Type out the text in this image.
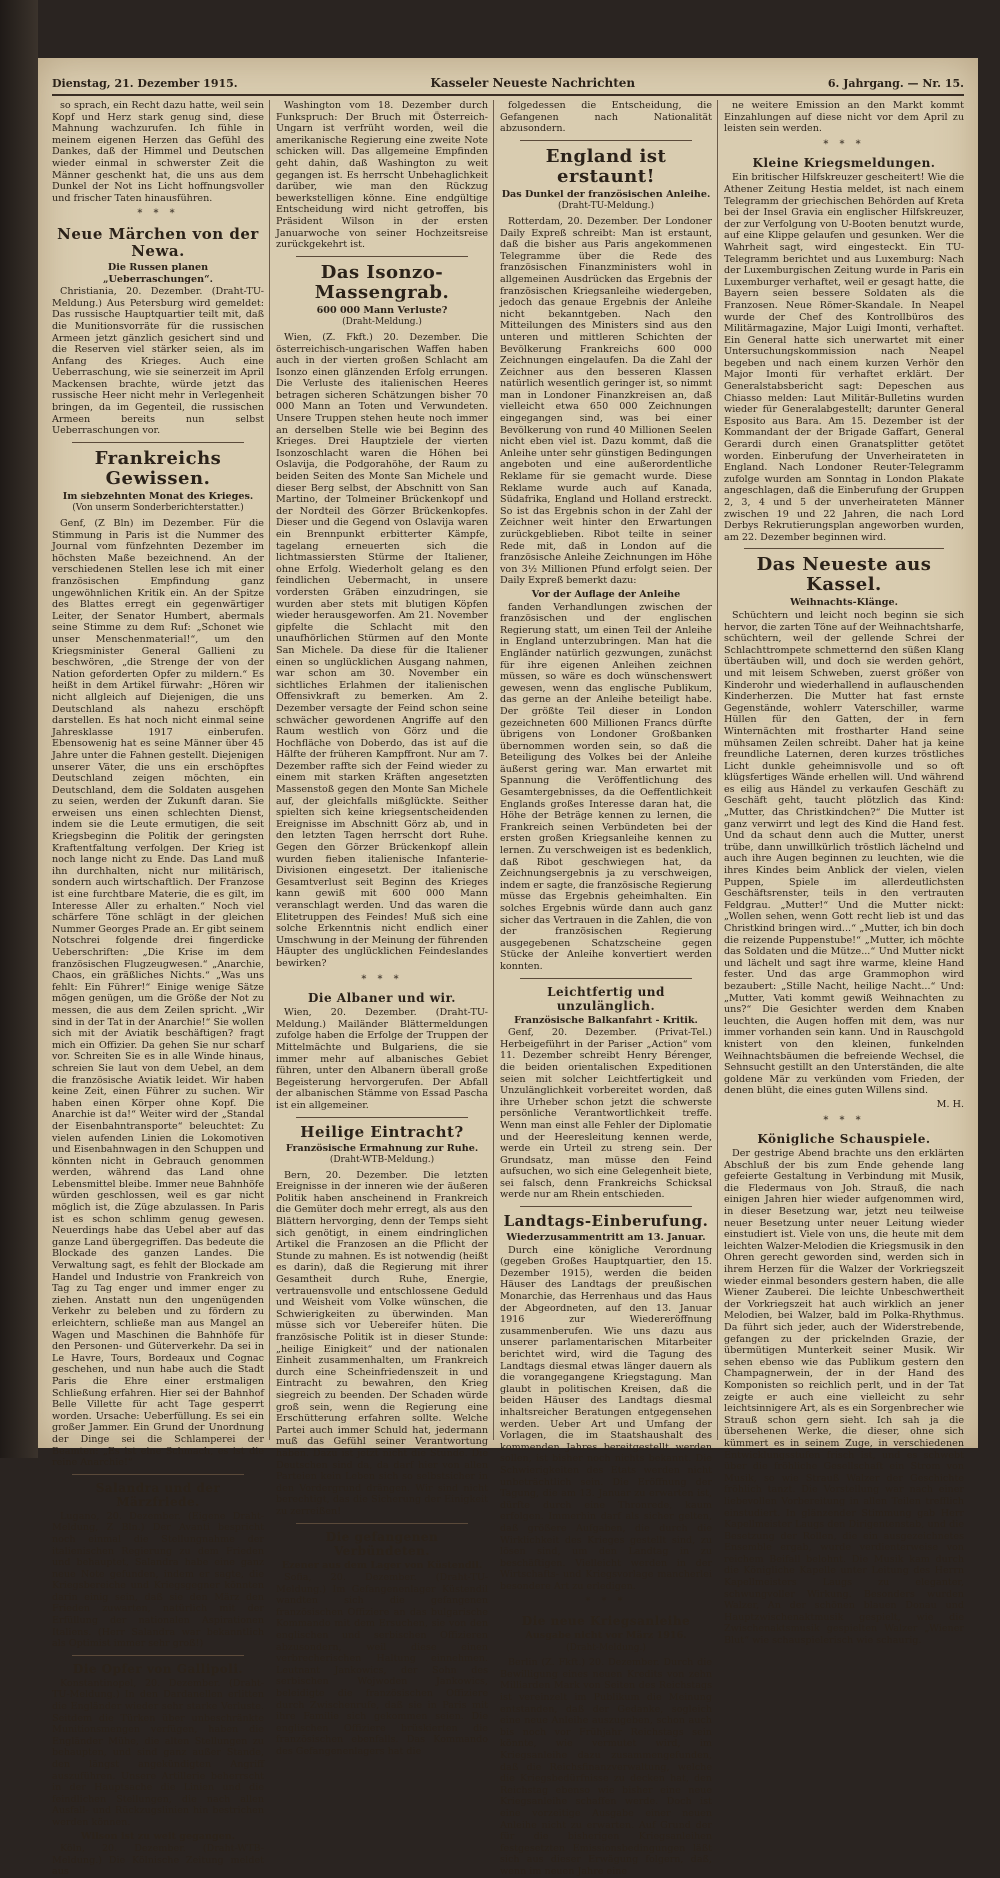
Dienstag, 21. Dezember 1915.	Kasseler Neueste Nachrichten	6. Jahrgang. — Nr. 15.

so sprach, ein Recht dazu hatte, weil sein Kopf und Herz stark genug sind, diese Mahnung wachzurufen. Ich fühle in meinem eigenen Herzen das Gefühl des Dankes, daß der Himmel und Deutschen wieder einmal in schwerster Zeit die Männer geschenkt hat, die uns aus dem Dunkel der Not ins Licht hoffnungsvoller und frischer Taten hinausführen.

* * *
Neue Märchen von der Newa.
Die Russen planen „Ueberraschungen“.

Christiania, 20. Dezember. (Draht-TU-Meldung.) Aus Petersburg wird gemeldet: Das russische Hauptquartier teilt mit, daß die Munitionsvorräte für die russischen Armeen jetzt gänzlich gesichert sind und die Reserven viel stärker seien, als im Anfang des Krieges. Auch eine Ueberraschung, wie sie seinerzeit im April Mackensen brachte, würde jetzt das russische Heer nicht mehr in Verlegenheit bringen, da im Gegenteil, die russischen Armeen bereits nun selbst Ueberraschungen vor.

Frankreichs Gewissen.
Im siebzehnten Monat des Krieges.
(Von unserm Sonderberichterstatter.)

Genf, (Z Bln) im Dezember. Für die Stimmung in Paris ist die Nummer des Journal vom fünfzehnten Dezember im höchsten Maße bezeichnend. An der verschiedenen Stellen lese ich mit einer französischen Empfindung ganz ungewöhnlichen Kritik ein. An der Spitze des Blattes erregt ein gegenwärtiger Leiter, der Senator Humbert, abermals seine Stimme zu dem Ruf: „Schonet wie unser Menschenmaterial!“, um den Kriegsminister General Gallieni zu beschwören, „die Strenge der von der Nation geforderten Opfer zu mildern.“ Es heißt in dem Artikel fürwahr: „Hören wir nicht allgleich auf Diejenigen, die uns Deutschland als nahezu erschöpft darstellen. Es hat noch nicht einmal seine Jahresklasse 1917 einberufen. Ebensowenig hat es seine Männer über 45 Jahre unter die Fahnen gestellt. Diejenigen unserer Väter, die uns ein erschöpftes Deutschland zeigen möchten, ein Deutschland, dem die Soldaten ausgehen zu seien, werden der Zukunft daran. Sie erweisen uns einen schlechten Dienst, indem sie die Leute ermutigen, die seit Kriegsbeginn die Politik der geringsten Kraftentfaltung verfolgen. Der Krieg ist noch lange nicht zu Ende. Das Land muß ihn durchhalten, nicht nur militärisch, sondern auch wirtschaftlich. Der Franzose ist eine furchtbare Materie, die es gilt, im Interesse Aller zu erhalten.“ Noch viel schärfere Töne schlägt in der gleichen Nummer Georges Prade an. Er gibt seinem Notschrei folgende drei fingerdicke Ueberschriften: „Die Krise im dem französischen Flugzeugwesen.“ „Anarchie, Chaos, ein gräßliches Nichts.“ „Was uns fehlt: Ein Führer!“ Einige wenige Sätze mögen genügen, um die Größe der Not zu messen, die aus dem Zeilen spricht. „Wir sind in der Tat in der Anarchie!“ Sie wollen sich mit der Aviatik beschäftigen? fragt mich ein Offizier. Da gehen Sie nur scharf vor. Schreiten Sie es in alle Winde hinaus, schreien Sie laut von dem Uebel, an dem die französische Aviatik leidet. Wir haben keine Zeit, einen Führer zu suchen. Wir haben einen Körper ohne Kopf. Die Anarchie ist da!“ Weiter wird der „Standal der Eisenbahntransporte“ beleuchtet: Zu vielen aufenden Linien die Lokomotiven und Eisenbahnwagen in den Schuppen und könnten nicht in Gebrauch genommen werden, während das Land ohne Lebensmittel bleibe. Immer neue Bahnhöfe würden geschlossen, weil es gar nicht möglich ist, die Züge abzulassen. In Paris ist es schon schlimm genug gewesen. Neuerdings habe das Uebel aber auf das ganze Land übergegriffen. Das bedeute die Blockade des ganzen Landes. Die Verwaltung sagt, es fehlt der Blockade am Handel und Industrie von Frankreich von Tag zu Tag enger und immer enger zu ziehen. Anstatt nun den ungenügenden Verkehr zu beleben und zu fördern zu erleichtern, schließe man aus Mangel an Wagen und Maschinen die Bahnhöfe für den Personen- und Güterverkehr. Da sei in Le Havre, Tours, Bordeaux und Cognac geschehen, und nun habe auch die Stadt Paris die Ehre einer erstmaligen Schließung erfahren. Hier sei der Bahnhof Belle Villette für acht Tage gesperrt worden. Ursache: Ueberfüllung. Es sei ein großer Jammer. Ein Grund der Unordnung der Dinge sei die Schlamperei der Beamten: „Es ist eine Schmach, es ist die reine Anarchie!“

Salandra und der Märzfriede.

Lugano, 20. Dezember. (Eigene Draht-Meldung, Z Bln.) Der Avanti bespricht noch einmal die Stellungnahme der italienischen Regierung zu dem Frieden und behauptet, Salandra habe eine ganz neue Note gefunden, indem er sagte, die Kriegsbereiche und Kriegsgegner könnten darin einig sein, daß sie den März den Frieden zuwarten, natürlich mit der Erfüllung der nationalen Aspirationen Italiens. (Herr Salandra war bekanntlich als Optimist immer sehr groß!)

Die Opfer von Gallipoli.

Konstantinopel, 20. Dezember. (Draht-TU-Meldung.) In den Dardanellen erlitten die Engländer wieder sehr starke Verluste. Seitdem die Türken über unbeschränkte Munitionsmengen verfügen, haben die Engländer Mühe, die alten Stellungen zu behaupten, und sind ganz außer Stande, den längst angekündigten Angriff auszuführen. Unsere Artillerie beherrscht in der Hauptsache die Linien und die feindlichen Stellungen, die nach allen Ausfall- und Rückzugslinien hin bestrichen werden können.

Wilson ist zu weit gegangen.

Köln, 20. Dezember. (Draht-WTB-Meldung.) Die Kölnische Zeitung meldet aus

Washington vom 18. Dezember durch Funkspruch: Der Bruch mit Österreich-Ungarn ist verfrüht worden, weil die amerikanische Regierung eine zweite Note schicken will. Das allgemeine Empfinden geht dahin, daß Washington zu weit gegangen ist. Es herrscht Unbehaglichkeit darüber, wie man den Rückzug bewerkstelligen könne. Eine endgültige Entscheidung wird nicht getroffen, bis Präsident Wilson in der ersten Januarwoche von seiner Hochzeitsreise zurückgekehrt ist.

Das Isonzo-Massengrab.
600 000 Mann Verluste?
(Draht-Meldung.)

Wien, (Z. Fkft.) 20. Dezember. Die österreichisch-ungarischen Waffen haben auch in der vierten großen Schlacht am Isonzo einen glänzenden Erfolg errungen. Die Verluste des italienischen Heeres betragen sicheren Schätzungen bisher 70 000 Mann an Toten und Verwundeten. Unsere Truppen stehen heute noch immer an derselben Stelle wie bei Beginn des Krieges. Drei Hauptziele der vierten Isonzoschlacht waren die Höhen bei Oslavija, die Podgorahöhe, der Raum zu beiden Seiten des Monte San Michele und dieser Berg selbst, der Abschnitt von San Martino, der Tolmeiner Brückenkopf und der Nordteil des Görzer Brückenkopfes. Dieser und die Gegend von Oslavija waren ein Brennpunkt erbitterter Kämpfe, tagelang erneuerten sich die lichtmassiersten Stürme der Italiener, ohne Erfolg. Wiederholt gelang es den feindlichen Uebermacht, in unsere vordersten Gräben einzudringen, sie wurden aber stets mit blutigen Köpfen wieder herausgeworfen. Am 21. November gipfelte die Schlacht mit den unaufhörlichen Stürmen auf den Monte San Michele. Da diese für die Italiener einen so unglücklichen Ausgang nahmen, war schon am 30. November ein sichtliches Erlahmen der italienischen Offensivkraft zu bemerken. Am 2. Dezember versagte der Feind schon seine schwächer gewordenen Angriffe auf den Raum westlich von Görz und die Hochfläche von Doberdo, das ist auf die Hälfte der früheren Kampffront. Nur am 7. Dezember raffte sich der Feind wieder zu einem mit starken Kräften angesetzten Massenstoß gegen den Monte San Michele auf, der gleichfalls mißglückte. Seither spielten sich keine kriegsentscheidenden Ereignisse im Abschnitt Görz ab, und in den letzten Tagen herrscht dort Ruhe. Gegen den Görzer Brückenkopf allein wurden fieben italienische Infanterie-Divisionen eingesetzt. Der italienische Gesamtverlust seit Beginn des Krieges kann gewiß mit 600 000 Mann veranschlagt werden. Und das waren die Elitetruppen des Feindes! Muß sich eine solche Erkenntnis nicht endlich einer Umschwung in der Meinung der führenden Häupter des unglücklichen Feindeslandes bewirken?

* * *
Die Albaner und wir.

Wien, 20. Dezember. (Draht-TU-Meldung.) Mailänder Blättermeldungen zufolge haben die Erfolge der Truppen der Mittelmächte und Bulgariens, die sie immer mehr auf albanisches Gebiet führen, unter den Albanern überall große Begeisterung hervorgerufen. Der Abfall der albanischen Stämme von Essad Pascha ist ein allgemeiner.

Heilige Eintracht?
Französische Ermahnung zur Ruhe.
(Draht-WTB-Meldung.)

Bern, 20. Dezember. Die letzten Ereignisse in der inneren wie der äußeren Politik haben anscheinend in Frankreich die Gemüter doch mehr erregt, als aus den Blättern hervorging, denn der Temps sieht sich genötigt, in einem eindringlichen Artikel die Franzosen an die Pflicht der Stunde zu mahnen. Es ist notwendig (heißt es darin), daß die Regierung mit ihrer Gesamtheit durch Ruhe, Energie, vertrauensvolle und entschlossene Geduld und Weisheit vom Volke wünschen, die Schwierigkeiten zu überwinden. Man müsse sich vor Uebereifer hüten. Die französische Politik ist in dieser Stunde: „heilige Einigkeit“ und der nationalen Einheit zusammenhalten, um Frankreich durch eine Scheinfriedenszeit in und Eintracht zu bewahren, den Krieg siegreich zu beenden. Der Schaden würde groß sein, wenn die Regierung eine Erschütterung erfahren sollte. Welche Partei auch immer Schuld hat, jedermann muß das Gefühl seiner Verantwortung haben. Dazu ist jetzt nicht die Stunde. Die Deutschen sind da, da darf hier von allen Parteien kein Leben sich so selbstsicher in den Vordergrund drängen. Wir sind nicht berechtigt, das die Sicherung der Einigkeit zu zerreißen!

Die gefangenen Verbündeten.
Ezener aus dem Lager von Küstendil.

Sofia, 20. Dezember. (Draht-TU-Meldung.) Im Gefangenenlager Küstendil wandten sich die gefangenen französischen Offiziere an das bulgarische Kommando mit dem Ersuchen, sie von den englischen und serbischen Offizieren abzusondern, weil diese einen verbrecherischen Haltung einnehmen. Leutnant Jankowics, der Sohn des serbischen Wojwoden Jankowics, beleidigte die französischen Offiziere durch Zwischenrufe, daß sie in Paris mit ihre Familie sich gekommen seien. Die englischen Offiziere brüskierten die französischen ebenfalls. Das Kommando des Gefangenenlagers hat die

folgedessen die Entscheidung, die Gefangenen nach Nationalität abzusondern.

England ist erstaunt!
Das Dunkel der französischen Anleihe.
(Draht-TU-Meldung.)

Rotterdam, 20. Dezember. Der Londoner Daily Expreß schreibt: Man ist erstaunt, daß die bisher aus Paris angekommenen Telegramme über die Rede des französischen Finanzministers wohl in allgemeinen Ausdrücken das Ergebnis der französischen Kriegsanleihe wiedergeben, jedoch das genaue Ergebnis der Anleihe nicht bekanntgeben. Nach den Mitteilungen des Ministers sind aus den unteren und mittleren Schichten der Bevölkerung Frankreichs 600 000 Zeichnungen eingelaufen. Da die Zahl der Zeichner aus den besseren Klassen natürlich wesentlich geringer ist, so nimmt man in Londoner Finanzkreisen an, daß vielleicht etwa 650 000 Zeichnungen eingegangen sind, was bei einer Bevölkerung von rund 40 Millionen Seelen nicht eben viel ist. Dazu kommt, daß die Anleihe unter sehr günstigen Bedingungen angeboten und eine außerordentliche Reklame für sie gemacht wurde. Diese Reklame wurde auch auf Kanada, Südafrika, England und Holland erstreckt. So ist das Ergebnis schon in der Zahl der Zeichner weit hinter den Erwartungen zurückgeblieben. Ribot teilte in seiner Rede mit, daß in London auf die französische Anleihe Zeichnungen im Höhe von 3½ Millionen Pfund erfolgt seien. Der Daily Expreß bemerkt dazu:

Vor der Auflage der Anleihe

fanden Verhandlungen zwischen der französischen und der englischen Regierung statt, um einen Teil der Anleihe in England unterzubringen. Man hat die Engländer natürlich gezwungen, zunächst für ihre eigenen Anleihen zeichnen müssen, so wäre es doch wünschenswert gewesen, wenn das englische Publikum, das gerne an der Anleihe beteiligt habe. Der größte Teil dieser in London gezeichneten 600 Millionen Francs dürfte übrigens von Londoner Großbanken übernommen worden sein, so daß die Beteiligung des Volkes bei der Anleihe äußerst gering war. Man erwartet mit Spannung die Veröffentlichung des Gesamtergebnisses, da die Oeffentlichkeit Englands großes Interesse daran hat, die Höhe der Beträge kennen zu lernen, die Frankreich seinen Verbündeten bei der ersten großen Kriegsanleihe kennen zu lernen. Zu verschweigen ist es bedenklich, daß Ribot geschwiegen hat, da Zeichnungsergebnis ja zu verschweigen, indem er sagte, die französische Regierung müsse das Ergebnis geheimhalten. Ein solches Ergebnis würde dann auch ganz sicher das Vertrauen in die Zahlen, die von der französischen Regierung ausgegebenen Schatzscheine gegen Stücke der Anleihe konvertiert werden konnten.

Leichtfertig und unzulänglich.
Französische Balkanfahrt - Kritik.

Genf, 20. Dezember. (Privat-Tel.) Herbeigeführt in der Pariser „Action“ vom 11. Dezember schreibt Henry Bérenger, die beiden orientalischen Expeditionen seien mit solcher Leichtfertigkeit und Unzulänglichkeit vorbereitet worden, daß ihre Urheber schon jetzt die schwerste persönliche Verantwortlichkeit treffe. Wenn man einst alle Fehler der Diplomatie und der Heeresleitung kennen werde, werde ein Urteil zu streng sein. Der Grundsatz, man müsse den Feind aufsuchen, wo sich eine Gelegenheit biete, sei falsch, denn Frankreichs Schicksal werde nur am Rhein entschieden.

Landtags-Einberufung.
Wiederzusammentritt am 13. Januar.

Durch eine königliche Verordnung (gegeben Großes Hauptquartier, den 15. Dezember 1915), werden die beiden Häuser des Landtags der preußischen Monarchie, das Herrenhaus und das Haus der Abgeordneten, auf den 13. Januar 1916 zur Wiedereröffnung zusammenberufen. Wie uns dazu aus unserer parlamentarischen Mitarbeiter berichtet wird, wird die Tagung des Landtags diesmal etwas länger dauern als die vorangegangene Kriegstagung. Man glaubt in politischen Kreisen, daß die beiden Häuser des Landtags diesmal inhaltsreicher Beratungen entgegensehen werden. Ueber Art und Umfang der Vorlagen, die im Staatshaushalt des kommenden Jahres bereitgestellt werden sollen, ist bisher noch nichts bekannt. Die Schwierigkeiten des Etats werden nicht unbeträchtlich sein. Die Eröffnung der Tagung, die am 13. Januar zu erwarten ist, dürfte durch eine Thronrede, kaum erfolgen. Immerhin darf als sicher gelten, daß größere Aufgaben, die durch die Wirklichkeit des Krieges gestellt sind, zu lösen sind, um den Landtag in zu beschäftigen. Vielleicht werden in der Wirtschafts- und Kriegsvorlage mancherlei besondere Art zu erledigen.

* * *
Die neue Kriegsanleihe
Ausgabe nicht vor März 1916.
(Draht-Meldung.)

Berlin (Z. Fkft.) 20. Dezember. Durch die Bewilligung eines neuen Kredits von zehn Milliarden Mark von Seiten des Reichstags ist vereinzelt im Publikum die Meinung entstanden, daß der Gedanke, sogleich eine neue Anleihe auszugeben, schon auch bis noch vor Frühjahr Reichstags sein könnte, wie vermutet wird, im Kriegsanleihe dazu zusammengefunden, daß die Reichsfinanzverwaltung, welche die Kriegsbedürfnisse zu decken hat, den Reichstag ebenso wie bisher eine neue Kriegsanleihe schaffen werde. Doch ist eine vorzeitige Ausgabe einer neuen Anleihe nicht zu erwarten. Auf Grund der für die bisherigen Kriegsanleihen festgesetzten Emissionsbedingungen läßt sich aus dieser Erwägung folgern, daß, wenn im neuen Jahre eine

ne weitere Emission an den Markt kommt Einzahlungen auf diese nicht vor dem April zu leisten sein werden.

* * *
Kleine Kriegsmeldungen.

Ein britischer Hilfskreuzer gescheitert! Wie die Athener Zeitung Hestia meldet, ist nach einem Telegramm der griechischen Behörden auf Kreta bei der Insel Gravia ein englischer Hilfskreuzer, der zur Verfolgung von U-Booten benutzt wurde, auf eine Klippe gelaufen und gesunken. Wer die Wahrheit sagt, wird eingesteckt. Ein TU-Telegramm berichtet und aus Luxemburg: Nach der Luxemburgischen Zeitung wurde in Paris ein Luxemburger verhaftet, weil er gesagt hatte, die Bayern seien bessere Soldaten als die Franzosen. Neue Römer-Skandale. In Neapel wurde der Chef des Kontrollbüros des Militärmagazine, Major Luigi Imonti, verhaftet. Ein General hatte sich unerwartet mit einer Untersuchungskommission nach Neapel begeben und nach einem kurzen Verhör den Major Imonti für verhaftet erklärt. Der Generalstabsbericht sagt: Depeschen aus Chiasso melden: Laut Militär-Bulletins wurden wieder für Generalabgestellt; darunter General Esposito aus Bara. Am 15. Dezember ist der Kommandant der der Brigade Gaffart, General Gerardi durch einen Granatsplitter getötet worden. Einberufung der Unverheirateten in England. Nach Londoner Reuter-Telegramm zufolge wurden am Sonntag in London Plakate angeschlagen, daß die Einberufung der Gruppen 2, 3, 4 und 5 der unverheirateten Männer zwischen 19 und 22 Jahren, die nach Lord Derbys Rekrutierungsplan angeworben wurden, am 22. Dezember beginnen wird.

Das Neueste aus Kassel.
Weihnachts-Klänge.

Schüchtern und leicht noch beginn sie sich hervor, die zarten Töne auf der Weihnachtsharfe, schüchtern, weil der gellende Schrei der Schlachttrompete schmetternd den süßen Klang übertäuben will, und doch sie werden gehört, und mit leisem Schweben, zuerst größer von Kinderohr und wiederhallend in auflauschenden Kinderherzen. Die Mutter hat fast ernste Gegenstände, wohlerr Vaterschiller, warme Hüllen für den Gatten, der in fern Winternächten mit frostharter Hand seine mühsamen Zeilen schreibt. Daher hat ja keine freundliche Laternen, deren kurzes tröstliches Licht dunkle geheimnisvolle und so oft klügsfertiges Wände erhellen will. Und während es eilig aus Händel zu verkaufen Geschäft zu Geschäft geht, taucht plötzlich das Kind: „Mutter, das Christkindchen?“ Die Mutter ist ganz verwirrt und legt des Kind die Hand fest. Und da schaut denn auch die Mutter, unerst trübe, dann unwillkürlich tröstlich lächelnd und auch ihre Augen beginnen zu leuchten, wie die ihres Kindes beim Anblick der vielen, vielen Puppen, Spiele im allerdeutlichsten Geschäftsrenster, teils in den vertrauten Feldgrau. „Mutter!“ Und die Mutter nickt: „Wollen sehen, wenn Gott recht lieb ist und das Christkind bringen wird...“ „Mutter, ich bin doch die reizende Puppenstube!“ „Mutter, ich möchte das Soldaten und die Mütze...“ Und Mutter nickt und lächelt und sagt ihre warme, kleine Hand fester. Und das arge Grammophon wird bezaubert: „Stille Nacht, heilige Nacht...“ Und: „Mutter, Vati kommt gewiß Weihnachten zu uns?“ Die Gesichter werden dem Knaben leuchten, die Augen hoffen mit dem, was nur immer vorhanden sein kann. Und in Rauschgold knistert von den kleinen, funkelnden Weihnachtsbäumen die befreiende Wechsel, die Sehnsucht gestillt an den Unterständen, die alte goldene Mär zu verkünden vom Frieden, der denen blüht, die eines guten Willens sind.

M. H.
* * *
Königliche Schauspiele.

Der gestrige Abend brachte uns den erklärten Abschluß der bis zum Ende gehende lang gefeierte Gestaltung in Verbindung mit Musik, die Fledermaus von Joh. Strauß, die nach einigen Jahren hier wieder aufgenommen wird, in dieser Besetzung war, jetzt neu teilweise neuer Besetzung unter neuer Leitung wieder einstudiert ist. Viele von uns, die heute mit dem leichten Walzer-Melodien die Kriegsmusik in den Ohren gerecht geworden sind, werden sich in ihrem Herzen für die Walzer der Vorkriegszeit wieder einmal besonders gestern haben, die alle Wiener Zauberei. Die leichte Unbeschwertheit der Vorkriegszeit hat auch wirklich an jener Melodien, bei Walzer, bald im Polka-Rhythmus. Da führt sich jeder, auch der Widerstrebende, gefangen zu der prickelnden Grazie, der übermütigen Munterkeit seiner Musik. Wir sehen ebenso wie das Publikum gestern den Champagnerwein, der in der Hand des Komponisten so reichlich perlt, und in der Tat zeigte er auch eine vielleicht zu sehr leichtsinnigere Art, als es ein Sorgenbrecher wie Strauß schon gern sieht. Ich sah ja die übersehenen Werke, die dieser, ohne sich kümmert es in seinem Zuge, in verschiedenen Entwicklungsstufen frisch ist, und es schwebt über die fröhliche Gesellschaft ein Strom von Musik, so wie Strauß Walzer der Geschichte fröhlich tanzt. Die Vorstellung war nach einer liebevollen Vorbereitung in allen Teilen trefflich einstudiert. In glänzender Stimmung gab Herr Kapellmeister Laugs den Dirigentenstab, und die Besetzung der Rollen, die ein ausgezeichnetes Ensemble ergab, wurde verdienterweise von reichem Beifall belohnt. Die Musik kam durch die Königliche Kapelle unter Leitung des Herrn Kapellmeisters Laugs zu eleganter, schwungvoller Wirkung. Besonders wurden Walzer, An der schönen blauen Donau und Hauptzwischenaktmusik gespielt, wie die Zwischenaktsmusik gespielten Walzer „Wiener Blut“ wie schauspielerisch wie schaurig.
